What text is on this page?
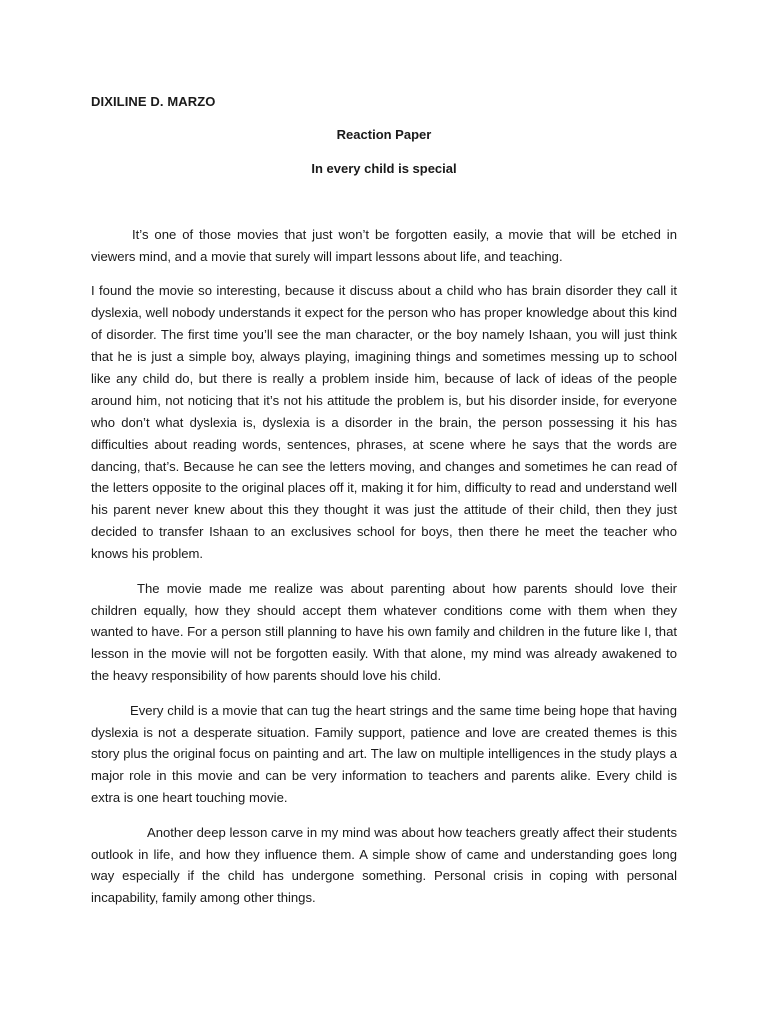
DIXILINE D. MARZO
Reaction Paper
In every child is special

It’s one of those movies that just won’t be forgotten easily, a movie that will be etched in viewers mind, and a movie that surely will impart lessons about life, and teaching.

I found the movie so interesting, because it discuss about a child who has brain disorder they call it dyslexia, well nobody understands it expect for the person who has proper knowledge about this kind of disorder. The first time you’ll see the man character, or the boy namely Ishaan, you will just think that he is just a simple boy, always playing, imagining things and sometimes messing up to school like any child do, but there is really a problem inside him, because of lack of ideas of the people around him, not noticing that it’s not his attitude the problem is, but his disorder inside, for everyone who don’t what dyslexia is, dyslexia is a disorder in the brain, the person possessing it his has difficulties about reading words, sentences, phrases, at scene where he says that the words are dancing, that’s. Because he can see the letters moving, and changes and sometimes he can read of the letters opposite to the original places off it, making it for him, difficulty to read and understand well his parent never knew about this they thought it was just the attitude of their child, then they just decided to transfer Ishaan to an exclusives school for boys, then there he meet the teacher who knows his problem.

The movie made me realize was about parenting about how parents should love their children equally, how they should accept them whatever conditions come with them when they wanted to have. For a person still planning to have his own family and children in the future like I, that lesson in the movie will not be forgotten easily. With that alone, my mind was already awakened to the heavy responsibility of how parents should love his child.

Every child is a movie that can tug the heart strings and the same time being hope that having dyslexia is not a desperate situation. Family support, patience and love are created themes is this story plus the original focus on painting and art. The law on multiple intelligences in the study plays a major role in this movie and can be very information to teachers and parents alike. Every child is extra is one heart touching movie.

Another deep lesson carve in my mind was about how teachers greatly affect their students outlook in life, and how they influence them. A simple show of came and understanding goes long way especially if the child has undergone something. Personal crisis in coping with personal incapability, family among other things.
